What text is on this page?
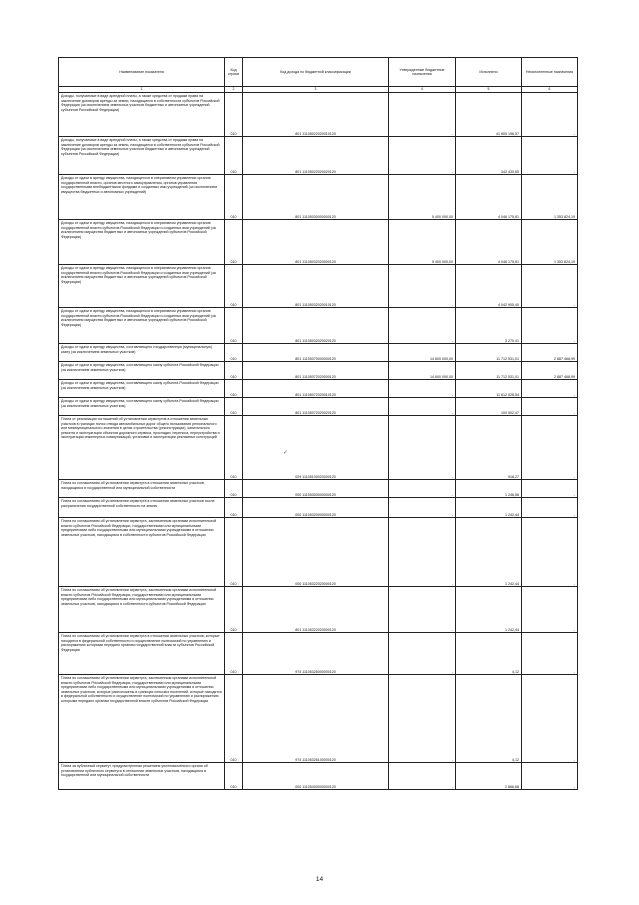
Наименование показателя	Код строки	Код дохода по бюджетной классификации	Утвержденные бюджетные назначения	Исполнено	Неисполненные назначения
1	2	3	4	5	6
Доходы, получаемые в виде арендной платы, а также средства от продажи права на заключение договоров аренды за земли, находящиеся в собственности субъектов Российской Федерации (за исключением земельных участков бюджетных и автономных учреждений субъектов Российской Федерации)	010	801 11105022020010120	-	41 605 196,57	-
Доходы, получаемые в виде арендной платы, а также средства от продажи права на заключение договоров аренды за земли, находящиеся в собственности субъектов Российской Федерации (за исключением земельных участков бюджетных и автономных учреждений субъектов Российской Федерации)	010	801 11105022020020120	-	342 430,65	-
Доходы от сдачи в аренду имущества, находящегося в оперативном управлении органов государственной власти, органов местного самоуправления, органов управления государственными внебюджетными фондами и созданных ими учреждений (за исключением имущества бюджетных и автономных учреждений)	010	801 11105030000000120	5 400 000,00	4 046 175,81	1 353 824,19
Доходы от сдачи в аренду имущества, находящегося в оперативном управлении органов государственной власти субъектов Российской Федерации и созданных ими учреждений (за исключением имущества бюджетных и автономных учреждений субъектов Российской Федерации)	010	801 11105032020000120	5 400 000,00	4 046 175,81	1 353 824,19
Доходы от сдачи в аренду имущества, находящегося в оперативном управлении органов государственной власти субъектов Российской Федерации и созданных ими учреждений (за исключением имущества бюджетных и автономных учреждений субъектов Российской Федерации)	010	801 11105032020010120	-	4 042 905,40	-
Доходы от сдачи в аренду имущества, находящегося в оперативном управлении органов государственной власти субъектов Российской Федерации и созданных ими учреждений (за исключением имущества бюджетных и автономных учреждений субъектов Российской Федерации)	010	801 11105032020020120	-	3 270,41	-
Доходы от сдачи в аренду имущества, составляющего государственную (муниципальную) казну (за исключением земельных участков)	010	801 11105070000000120	14 600 000,00	11 712 531,01	2 887 468,99
Доходы от сдачи в аренду имущества, составляющего казну субъекта Российской Федерации (за исключением земельных участков)	010	801 11105072020000120	14 600 000,00	11 712 531,01	2 887 468,99
Доходы от сдачи в аренду имущества, составляющего казну субъекта Российской Федерации (за исключением земельных участков)	010	801 11105072020010120	-	11 612 028,54	-
Доходы от сдачи в аренду имущества, составляющего казну субъекта Российской Федерации (за исключением земельных участков)	010	801 11105072020020120	-	100 502,47	-
Плата от реализации соглашений об установлении сервитутов в отношении земельных участков в границах полос отвода автомобильных дорог общего пользования регионального или межмуниципального значения в целях строительства (реконструкции), капитального ремонта и эксплуатации объектов дорожного сервиса, прокладки, переноса, переустройства и эксплуатации инженерных коммуникаций, установки и эксплуатации рекламных конструкций	010	029 11105100020000120	-	918,27	-
Плата по соглашениям об установлении сервитута в отношении земельных участков, находящихся в государственной или муниципальной собственности	010	000 11105300000000120	-	1 246,56	-
Плата по соглашениям об установлении сервитута в отношении земельных участков после разграничения государственной собственности на землю	010	000 11105320000000120	-	1 242,44	-
Плата по соглашениям об установлении сервитута, заключенным органами исполнительной власти субъектов Российской Федерации, государственными или муниципальными предприятиями либо государственными или муниципальными учреждениями в отношении земельных участков, находящихся в собственности субъектов Российской Федерации	010	000 11105322020000120	-	1 242,44	-
Плата по соглашениям об установлении сервитута, заключенным органами исполнительной власти субъектов Российской Федерации, государственными или муниципальными предприятиями либо государственными или муниципальными учреждениями в отношении земельных участков, находящихся в собственности субъектов Российской Федерации	010	801 11105322020000120	-	1 242,44	-
Плата по соглашениям об установлении сервитута в отношении земельных участков, которые находятся в федеральной собственности и осуществление полномочий по управлению и распоряжению которыми передано органам государственной власти субъектов Российской Федерации	010	974 11105326000000120	-	4,12	-
Плата по соглашениям об установлении сервитута, заключенным органами исполнительной власти субъектов Российской Федерации, государственными или муниципальными предприятиями либо государственными или муниципальными учреждениями в отношении земельных участков, которые расположены в границах сельских поселений, которые находятся в федеральной собственности и осуществление полномочий по управлению и распоряжению которыми передано органам государственной власти субъектов Российской Федерации	010	974 11105326100000120	-	4,12	-
Плата за публичный сервитут, предусмотренная решением уполномоченного органа об установлении публичного сервитута в отношении земельных участков, находящихся в государственной или муниципальной собственности	010	000 11105400000000120	-	2 866,68	-
✓
14
